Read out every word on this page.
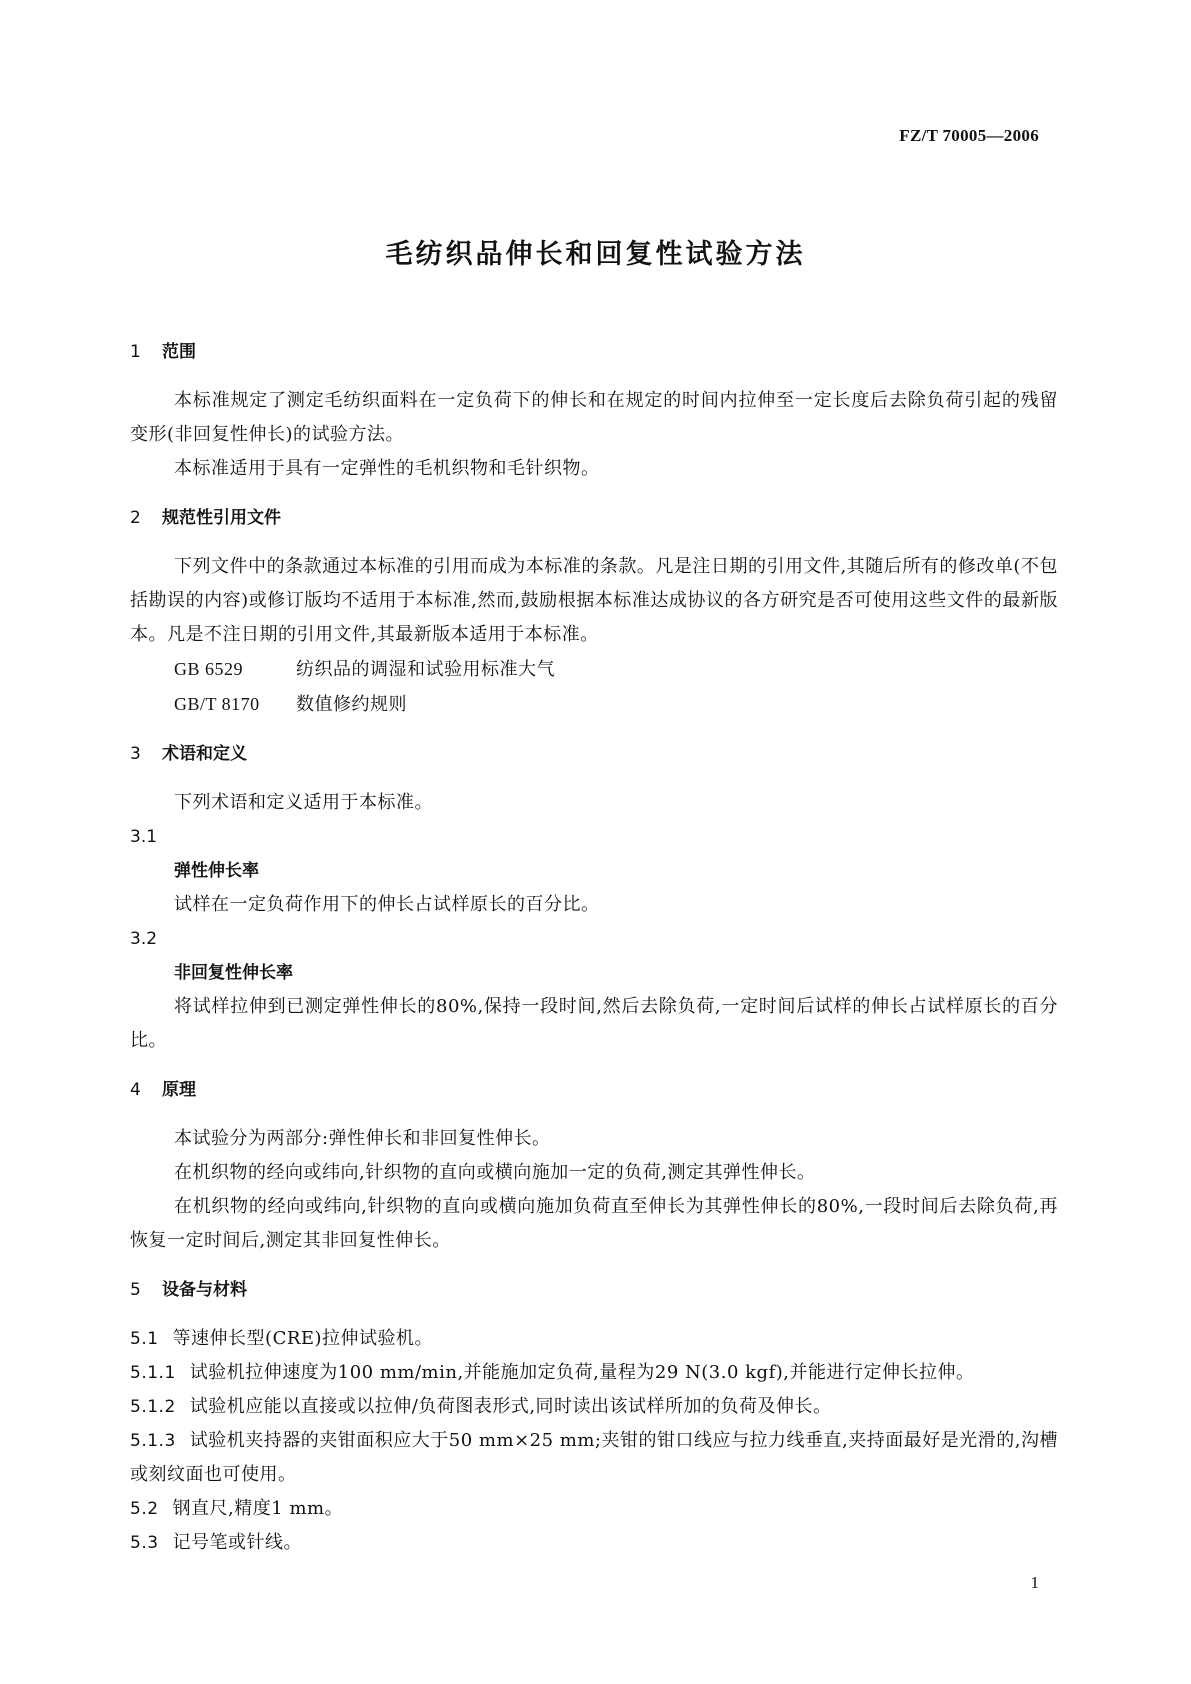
FZ/T 70005—2006
毛纺织品伸长和回复性试验方法
1 范围

本标准规定了测定毛纺织面料在一定负荷下的伸长和在规定的时间内拉伸至一定长度后去除负荷引起的残留变形(非回复性伸长)的试验方法。

本标准适用于具有一定弹性的毛机织物和毛针织物。

2 规范性引用文件

下列文件中的条款通过本标准的引用而成为本标准的条款。凡是注日期的引用文件,其随后所有的修改单(不包括勘误的内容)或修订版均不适用于本标准,然而,鼓励根据本标准达成协议的各方研究是否可使用这些文件的最新版本。凡是不注日期的引用文件,其最新版本适用于本标准。

GB 6529	纺织品的调湿和试验用标准大气

GB/T 8170 数值修约规则

3 术语和定义

下列术语和定义适用于本标准。

3.1
弹性伸长率

试样在一定负荷作用下的伸长占试样原长的百分比。

3.2
非回复性伸长率

将试样拉伸到已测定弹性伸长的80%,保持一段时间,然后去除负荷,一定时间后试样的伸长占试样原长的百分比。

4 原理

本试验分为两部分:弹性伸长和非回复性伸长。

在机织物的经向或纬向,针织物的直向或横向施加一定的负荷,测定其弹性伸长。

在机织物的经向或纬向,针织物的直向或横向施加负荷直至伸长为其弹性伸长的80%,一段时间后去除负荷,再恢复一定时间后,测定其非回复性伸长。

5 设备与材料
5.1 等速伸长型(CRE)拉伸试验机。
5.1.1 试验机拉伸速度为100 mm/min,并能施加定负荷,量程为29 N(3.0 kgf),并能进行定伸长拉伸。
5.1.2 试验机应能以直接或以拉伸/负荷图表形式,同时读出该试样所加的负荷及伸长。
5.1.3 试验机夹持器的夹钳面积应大于50 mm×25 mm;夹钳的钳口线应与拉力线垂直,夹持面最好是光滑的,沟槽或刻纹面也可使用。
5.2 钢直尺,精度1 mm。
5.3 记号笔或针线。
1
